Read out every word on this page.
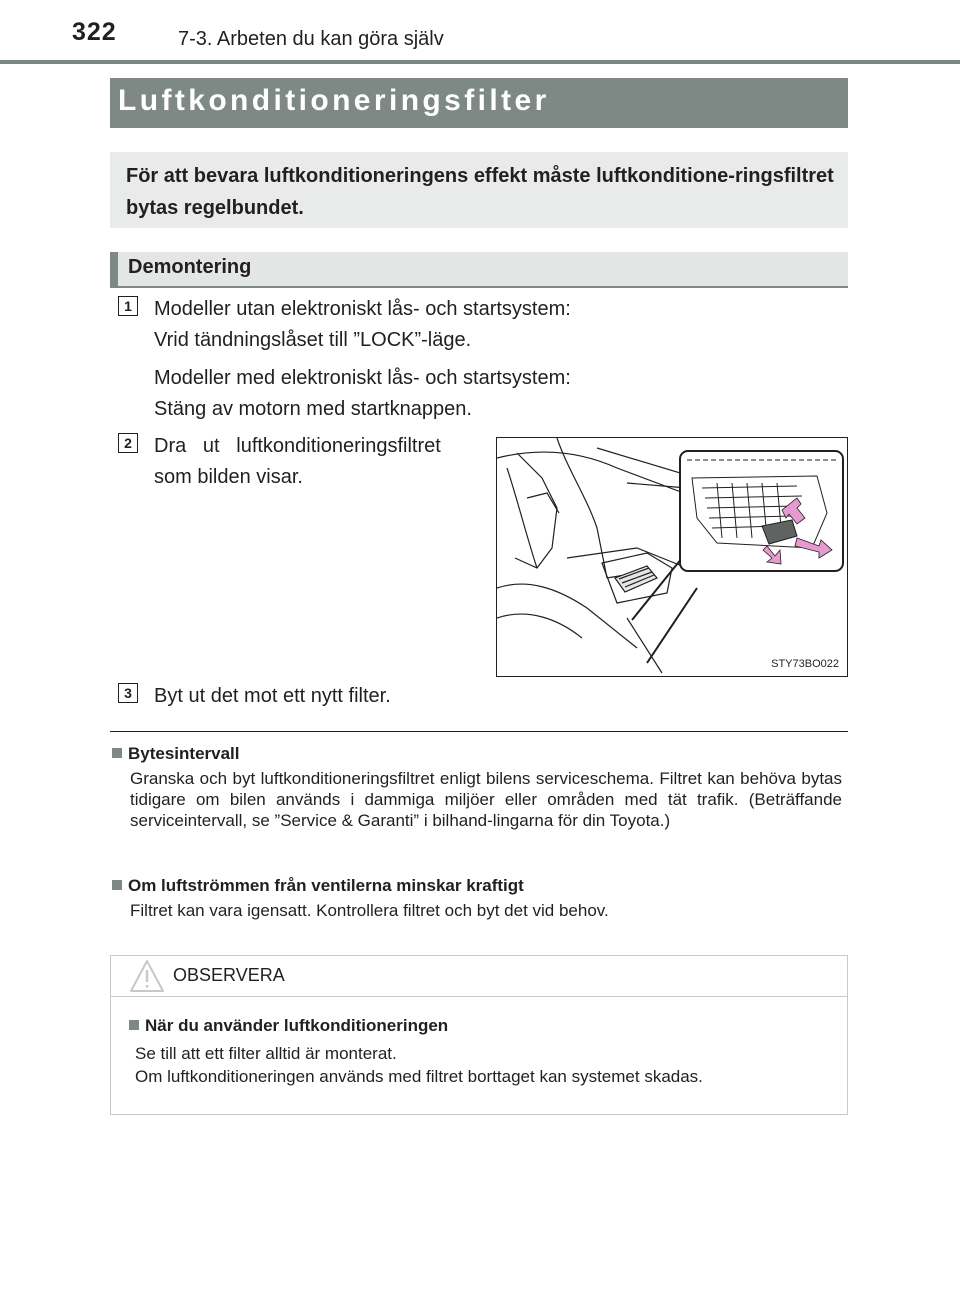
322	7-3. Arbeten du kan göra själv
Luftkonditioneringsfilter
För att bevara luftkonditioneringens effekt måste luftkonditione-ringsfiltret bytas regelbundet.
Demontering
1	Modeller utan elektroniskt lås- och startsystem:
Vrid tändningslåset till ”LOCK”-läge.
Modeller med elektroniskt lås- och startsystem:
Stäng av motorn med startknappen.
2	Dra   ut   luftkonditioneringsfiltret
som bilden visar.
STY73BO022
3	Byt ut det mot ett nytt filter.
Bytesintervall
Granska och byt luftkonditioneringsfiltret enligt bilens serviceschema. Filtret kan behöva bytas tidigare om bilen används i dammiga miljöer eller områden med tät trafik. (Beträffande serviceintervall, se ”Service & Garanti” i bilhand-lingarna för din Toyota.)
Om luftströmmen från ventilerna minskar kraftigt
Filtret kan vara igensatt. Kontrollera filtret och byt det vid behov.
OBSERVERA
När du använder luftkonditioneringen
Se till att ett filter alltid är monterat.
Om luftkonditioneringen används med filtret borttaget kan systemet skadas.
